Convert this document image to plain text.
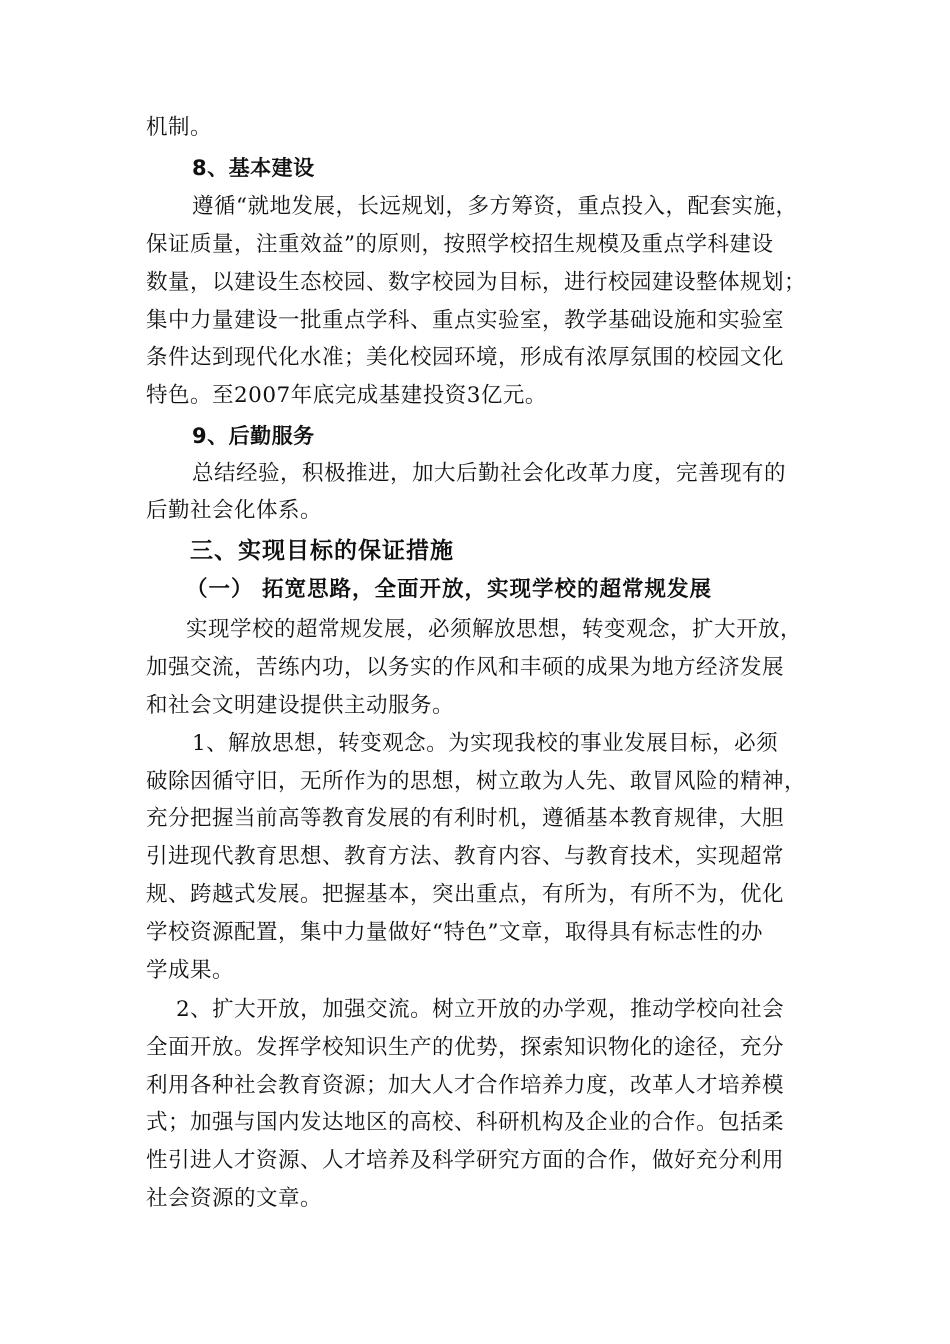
机制。
8、基本建设
遵循“就地发展，长远规划，多方筹资，重点投入，配套实施，
保证质量，注重效益”的原则，按照学校招生规模及重点学科建设
数量，以建设生态校园、数字校园为目标，进行校园建设整体规划；
集中力量建设一批重点学科、重点实验室，教学基础设施和实验室
条件达到现代化水准；美化校园环境，形成有浓厚氛围的校园文化
特色。至2007年底完成基建投资3亿元。
9、后勤服务
总结经验，积极推进，加大后勤社会化改革力度，完善现有的
后勤社会化体系。
三、实现目标的保证措施
（一） 拓宽思路，全面开放，实现学校的超常规发展
实现学校的超常规发展，必须解放思想，转变观念，扩大开放，
加强交流，苦练内功，以务实的作风和丰硕的成果为地方经济发展
和社会文明建设提供主动服务。
1、解放思想，转变观念。为实现我校的事业发展目标，必须
破除因循守旧，无所作为的思想，树立敢为人先、敢冒风险的精神，
充分把握当前高等教育发展的有利时机，遵循基本教育规律，大胆
引进现代教育思想、教育方法、教育内容、与教育技术，实现超常
规、跨越式发展。把握基本，突出重点，有所为，有所不为，优化
学校资源配置，集中力量做好“特色”文章，取得具有标志性的办
学成果。
2、扩大开放，加强交流。树立开放的办学观，推动学校向社会
全面开放。发挥学校知识生产的优势，探索知识物化的途径，充分
利用各种社会教育资源；加大人才合作培养力度，改革人才培养模
式；加强与国内发达地区的高校、科研机构及企业的合作。包括柔
性引进人才资源、人才培养及科学研究方面的合作，做好充分利用
社会资源的文章。
